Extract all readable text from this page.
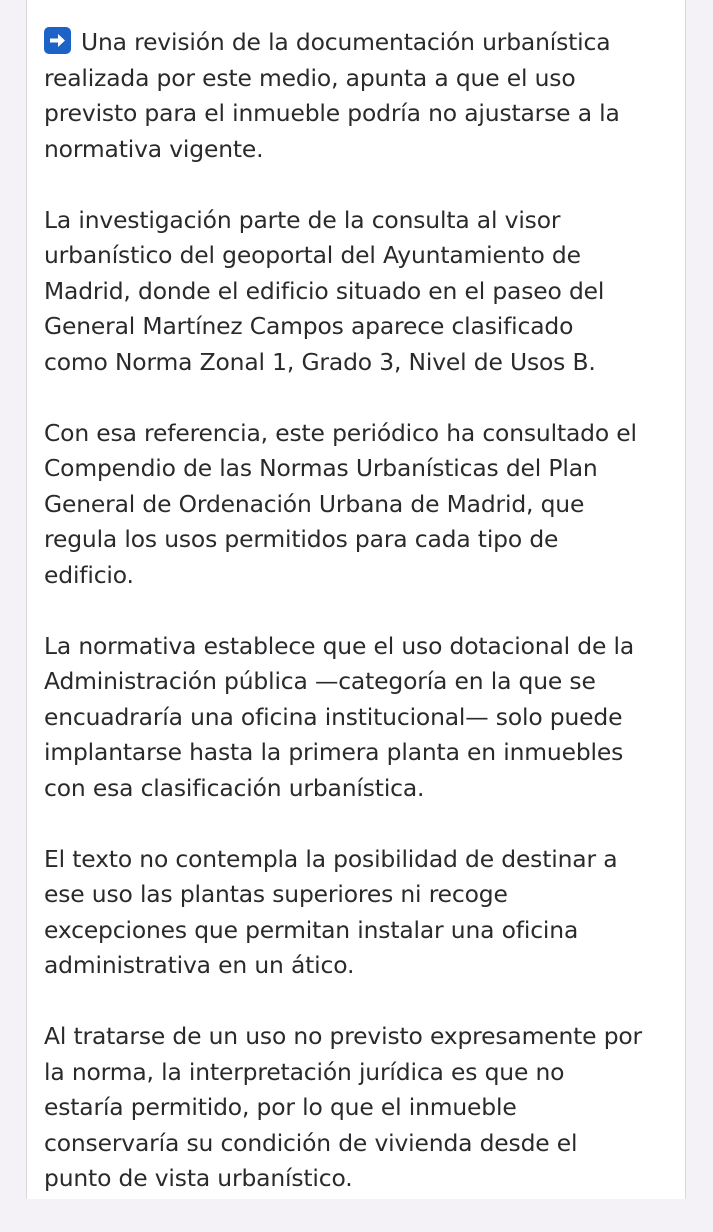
Una revisión de la documentación urbanística
realizada por este medio, apunta a que el uso
previsto para el inmueble podría no ajustarse a la
normativa vigente.

La investigación parte de la consulta al visor
urbanístico del geoportal del Ayuntamiento de
Madrid, donde el edificio situado en el paseo del
General Martínez Campos aparece clasificado
como Norma Zonal 1, Grado 3, Nivel de Usos B.

Con esa referencia, este periódico ha consultado el
Compendio de las Normas Urbanísticas del Plan
General de Ordenación Urbana de Madrid, que
regula los usos permitidos para cada tipo de
edificio.

La normativa establece que el uso dotacional de la
Administración pública —categoría en la que se
encuadraría una oficina institucional— solo puede
implantarse hasta la primera planta en inmuebles
con esa clasificación urbanística.

El texto no contempla la posibilidad de destinar a
ese uso las plantas superiores ni recoge
excepciones que permitan instalar una oficina
administrativa en un ático.

Al tratarse de un uso no previsto expresamente por
la norma, la interpretación jurídica es que no
estaría permitido, por lo que el inmueble
conservaría su condición de vivienda desde el
punto de vista urbanístico.
